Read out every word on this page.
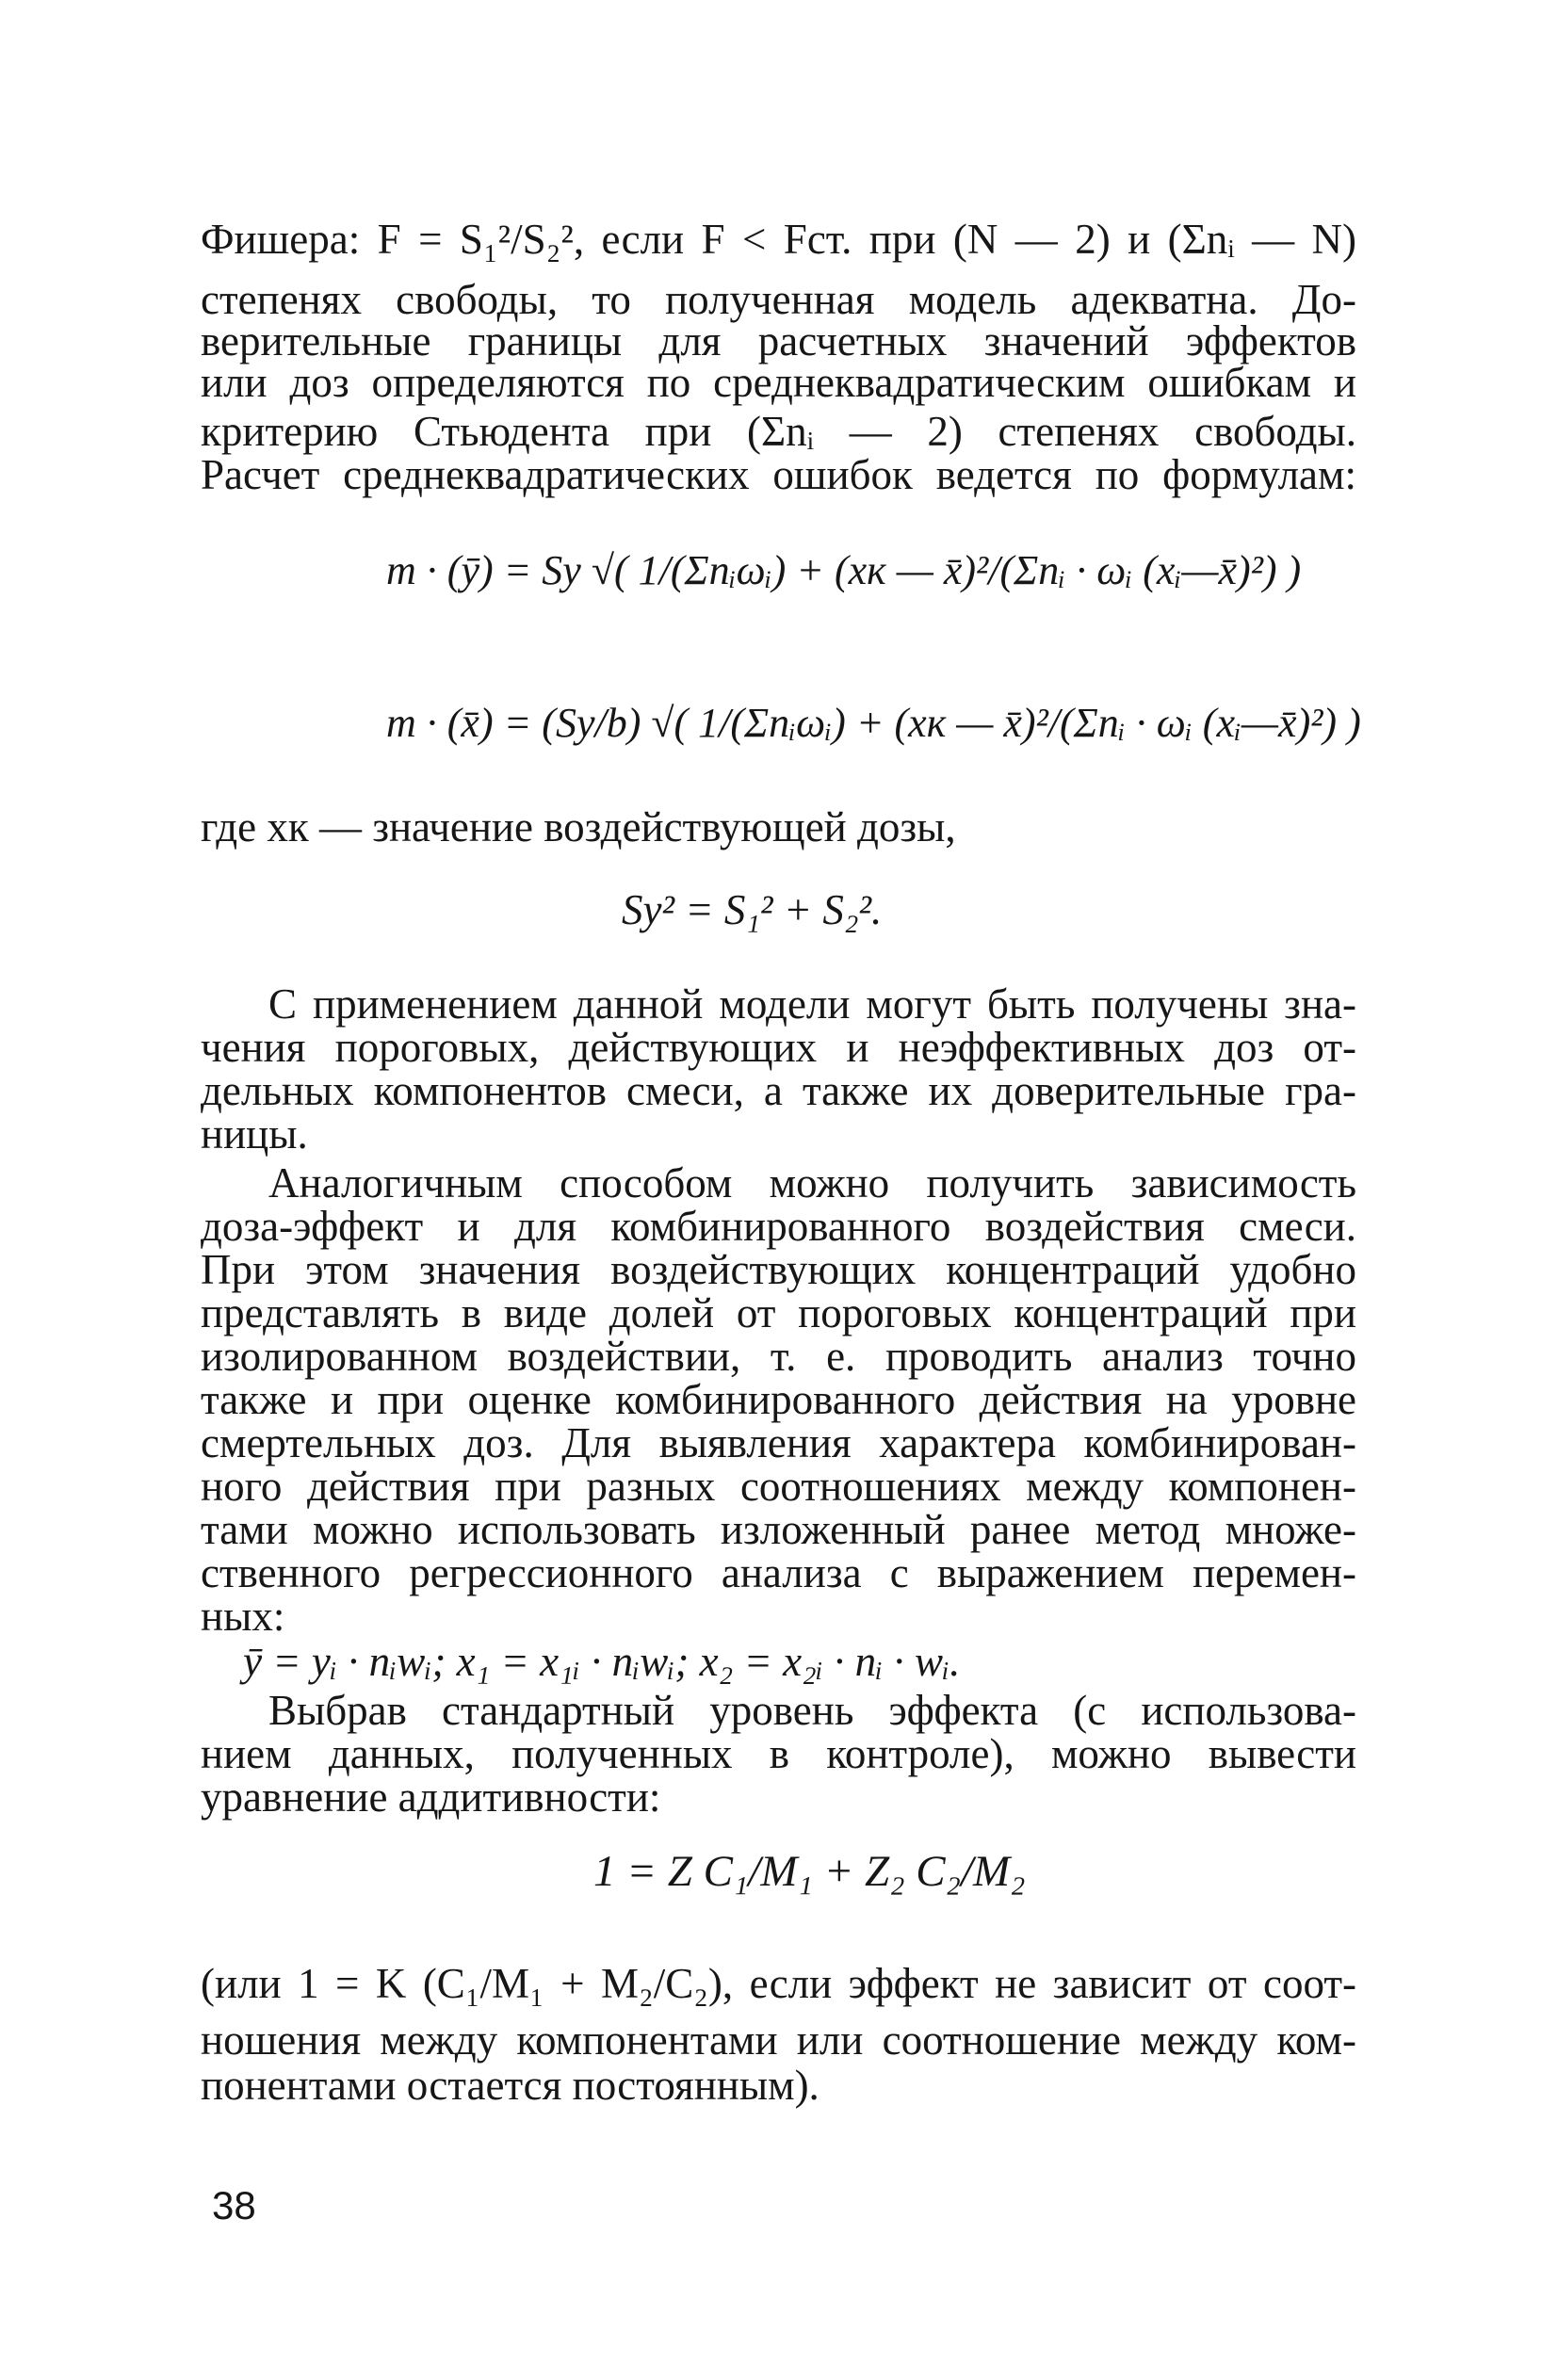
Фишера: F = S₁²/S₂², если F < Fст. при (N — 2) и (Σnᵢ — N)
степенях свободы, то полученная модель адекватна. До-
верительные границы для расчетных значений эффектов
или доз определяются по среднеквадратическим ошибкам и
критерию Стьюдента при (Σnᵢ — 2) степенях свободы.
Расчет среднеквадратических ошибок ведется по формулам:
m · (ȳ) = Sy √( 1/(Σnᵢωᵢ) + (xк — x̄)²/(Σnᵢ · ωᵢ (xᵢ—x̄)²) )
m · (x̄) = (Sy/b) √( 1/(Σnᵢωᵢ) + (xк — x̄)²/(Σnᵢ · ωᵢ (xᵢ—x̄)²) )
где xк — значение воздействующей дозы,
Sy² = S₁² + S₂².
С применением данной модели могут быть получены зна-
чения пороговых, действующих и неэффективных доз от-
дельных компонентов смеси, а также их доверительные гра-
ницы.
Аналогичным способом можно получить зависимость
доза-эффект и для комбинированного воздействия смеси.
При этом значения воздействующих концентраций удобно
представлять в виде долей от пороговых концентраций при
изолированном воздействии, т. е. проводить анализ точно
также и при оценке комбинированного действия на уровне
смертельных доз. Для выявления характера комбинирован-
ного действия при разных соотношениях между компонен-
тами можно использовать изложенный ранее метод множе-
ственного регрессионного анализа с выражением перемен-
ных:
ȳ = yᵢ · nᵢwᵢ; x₁ = x₁ᵢ · nᵢwᵢ; x₂ = x₂ᵢ · nᵢ · wᵢ.
Выбрав стандартный уровень эффекта (с использова-
нием данных, полученных в контроле), можно вывести
уравнение аддитивности:
1 = Z C₁/M₁ + Z₂ C₂/M₂
(или 1 = K (C₁/M₁ + M₂/C₂), если эффект не зависит от соот-
ношения между компонентами или соотношение между ком-
понентами остается постоянным).
38
